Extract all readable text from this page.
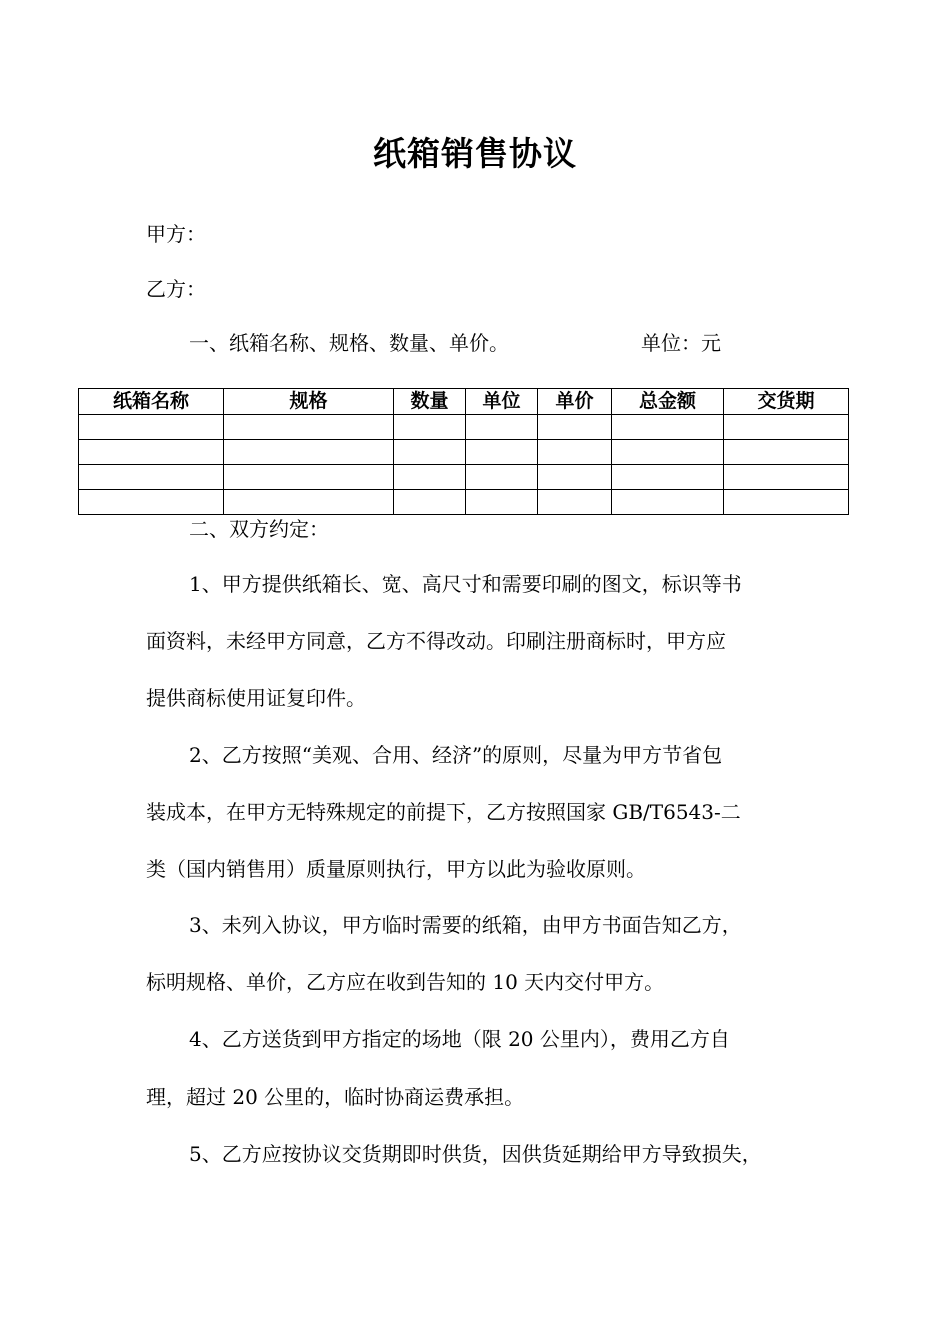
纸箱销售协议
甲方：
乙方：
一、纸箱名称、规格、数量、单价。	单位：元
纸箱名称	规格	数量	单位	单价	总金额	交货期

二、双方约定：
1、甲方提供纸箱长、宽、高尺寸和需要印刷的图文，标识等书
面资料，未经甲方同意，乙方不得改动。印刷注册商标时，甲方应
提供商标使用证复印件。
2、乙方按照“美观、合用、经济”的原则，尽量为甲方节省包
装成本，在甲方无特殊规定的前提下，乙方按照国家 GB/T6543-二
类（国内销售用）质量原则执行，甲方以此为验收原则。
3、未列入协议，甲方临时需要的纸箱，由甲方书面告知乙方，
标明规格、单价，乙方应在收到告知的 10 天内交付甲方。
4、乙方送货到甲方指定的场地（限 20 公里内），费用乙方自
理，超过 20 公里的，临时协商运费承担。
5、乙方应按协议交货期即时供货，因供货延期给甲方导致损失，
